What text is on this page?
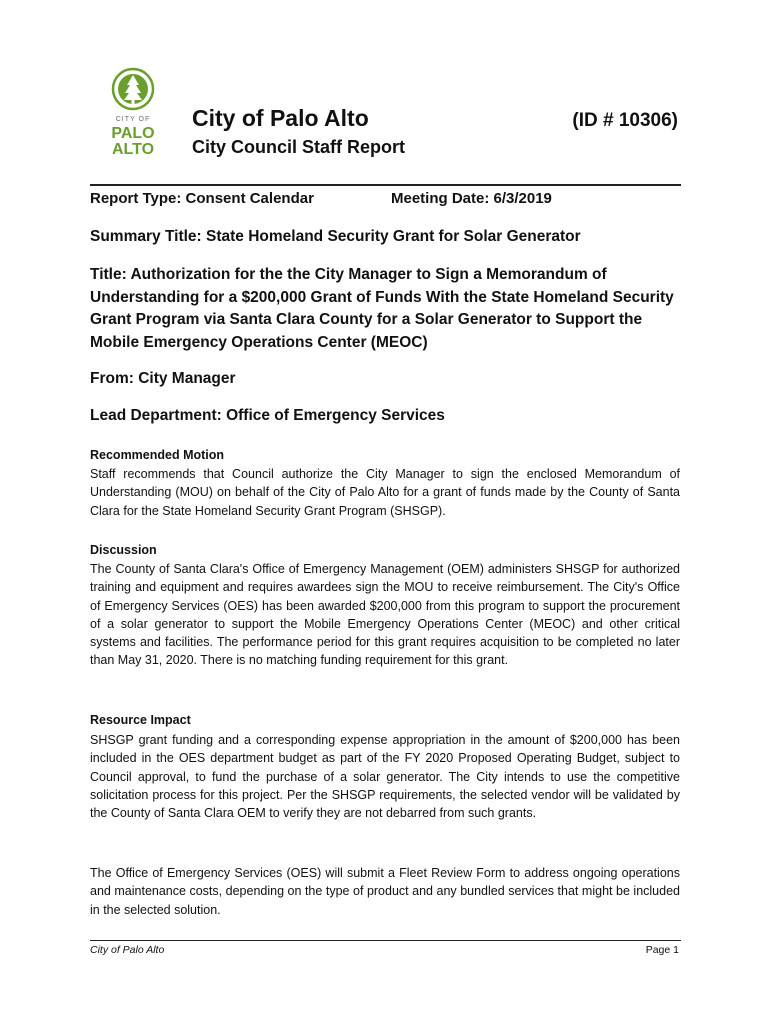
CITY OF
PALO
ALTO
City of Palo Alto	(ID # 10306)
City Council Staff Report
Report Type: Consent Calendar	Meeting Date: 6/3/2019
Summary Title: State Homeland Security Grant for Solar Generator
Title: Authorization for the the City Manager to Sign a Memorandum of Understanding for a $200,000 Grant of Funds With the State Homeland Security Grant Program via Santa Clara County for a Solar Generator to Support the Mobile Emergency Operations Center (MEOC)
From: City Manager
Lead Department: Office of Emergency Services
Recommended Motion
Staff recommends that Council authorize the City Manager to sign the enclosed Memorandum of Understanding (MOU) on behalf of the City of Palo Alto for a grant of funds made by the County of Santa Clara for the State Homeland Security Grant Program (SHSGP).
Discussion
The County of Santa Clara's Office of Emergency Management (OEM) administers SHSGP for authorized training and equipment and requires awardees sign the MOU to receive reimbursement. The City's Office of Emergency Services (OES) has been awarded $200,000 from this program to support the procurement of a solar generator to support the Mobile Emergency Operations Center (MEOC) and other critical systems and facilities. The performance period for this grant requires acquisition to be completed no later than May 31, 2020. There is no matching funding requirement for this grant.
Resource Impact
SHSGP grant funding and a corresponding expense appropriation in the amount of $200,000 has been included in the OES department budget as part of the FY 2020 Proposed Operating Budget, subject to Council approval, to fund the purchase of a solar generator. The City intends to use the competitive solicitation process for this project. Per the SHSGP requirements, the selected vendor will be validated by the County of Santa Clara OEM to verify they are not debarred from such grants.
The Office of Emergency Services (OES) will submit a Fleet Review Form to address ongoing operations and maintenance costs, depending on the type of product and any bundled services that might be included in the selected solution.
City of Palo Alto	Page 1
